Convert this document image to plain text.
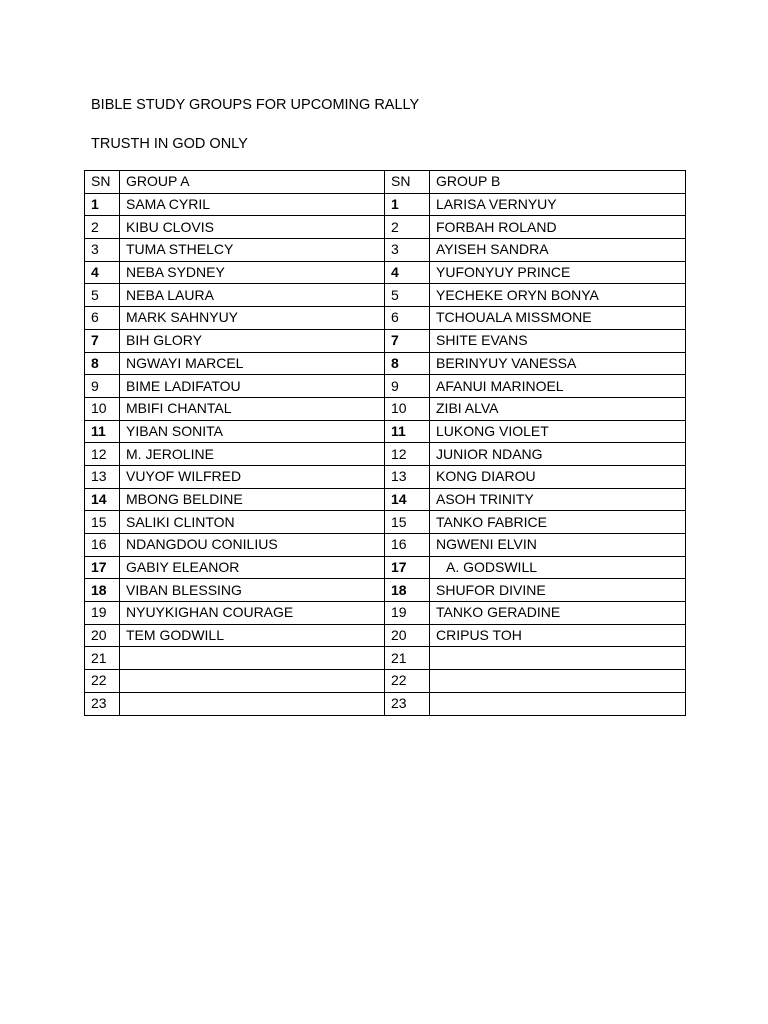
BIBLE STUDY GROUPS FOR UPCOMING RALLY
TRUSTH IN GOD ONLY
SN	GROUP A	SN	GROUP B
1	SAMA CYRIL	1	LARISA VERNYUY
2	KIBU CLOVIS	2	FORBAH ROLAND
3	TUMA STHELCY	3	AYISEH SANDRA
4	NEBA SYDNEY	4	YUFONYUY PRINCE
5	NEBA LAURA	5	YECHEKE ORYN BONYA
6	MARK SAHNYUY	6	TCHOUALA MISSMONE
7	BIH GLORY	7	SHITE EVANS
8	NGWAYI MARCEL	8	BERINYUY VANESSA
9	BIME LADIFATOU	9	AFANUI MARINOEL
10	MBIFI CHANTAL	10	ZIBI ALVA
11	YIBAN SONITA	11	LUKONG VIOLET
12	M. JEROLINE	12	JUNIOR NDANG
13	VUYOF WILFRED	13	KONG DIAROU
14	MBONG BELDINE	14	ASOH TRINITY
15	SALIKI CLINTON	15	TANKO FABRICE
16	NDANGDOU CONILIUS	16	NGWENI ELVIN
17	GABIY ELEANOR	17	A. GODSWILL
18	VIBAN BLESSING	18	SHUFOR DIVINE
19	NYUYKIGHAN COURAGE	19	TANKO GERADINE
20	TEM GODWILL	20	CRIPUS TOH
21		21	
22		22	
23		23	
